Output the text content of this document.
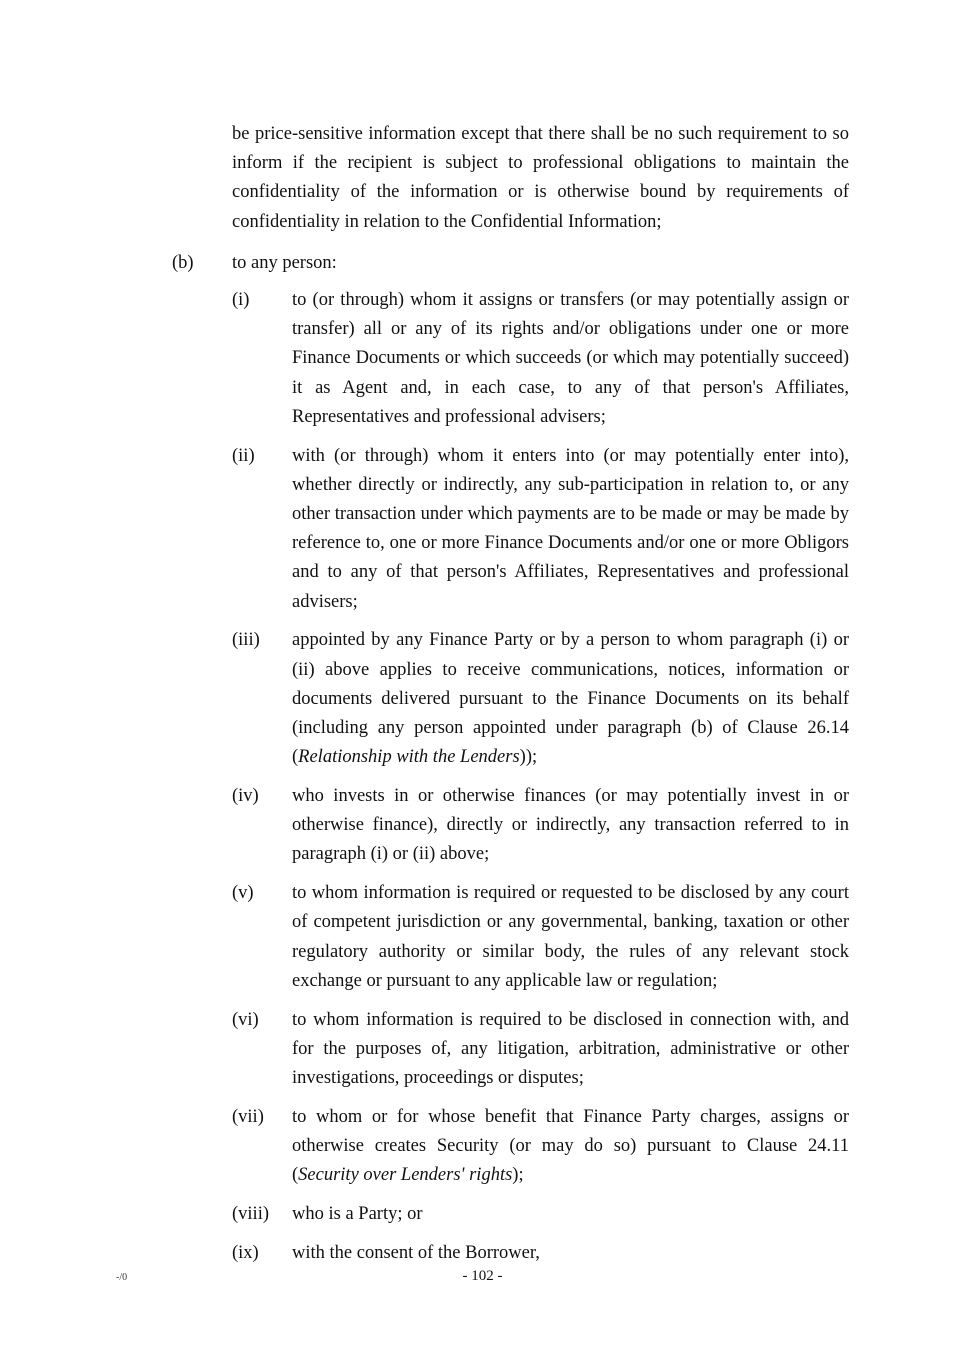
be price-sensitive information except that there shall be no such requirement to so inform if the recipient is subject to professional obligations to maintain the confidentiality of the information or is otherwise bound by requirements of confidentiality in relation to the Confidential Information;
(b) to any person:
(i) to (or through) whom it assigns or transfers (or may potentially assign or transfer) all or any of its rights and/or obligations under one or more Finance Documents or which succeeds (or which may potentially succeed) it as Agent and, in each case, to any of that person's Affiliates, Representatives and professional advisers;
(ii) with (or through) whom it enters into (or may potentially enter into), whether directly or indirectly, any sub-participation in relation to, or any other transaction under which payments are to be made or may be made by reference to, one or more Finance Documents and/or one or more Obligors and to any of that person's Affiliates, Representatives and professional advisers;
(iii) appointed by any Finance Party or by a person to whom paragraph (i) or (ii) above applies to receive communications, notices, information or documents delivered pursuant to the Finance Documents on its behalf (including any person appointed under paragraph (b) of Clause 26.14 (Relationship with the Lenders));
(iv) who invests in or otherwise finances (or may potentially invest in or otherwise finance), directly or indirectly, any transaction referred to in paragraph (i) or (ii) above;
(v) to whom information is required or requested to be disclosed by any court of competent jurisdiction or any governmental, banking, taxation or other regulatory authority or similar body, the rules of any relevant stock exchange or pursuant to any applicable law or regulation;
(vi) to whom information is required to be disclosed in connection with, and for the purposes of, any litigation, arbitration, administrative or other investigations, proceedings or disputes;
(vii) to whom or for whose benefit that Finance Party charges, assigns or otherwise creates Security (or may do so) pursuant to Clause 24.11 (Security over Lenders' rights);
(viii) who is a Party; or
(ix) with the consent of the Borrower,
-/0	- 102 -
